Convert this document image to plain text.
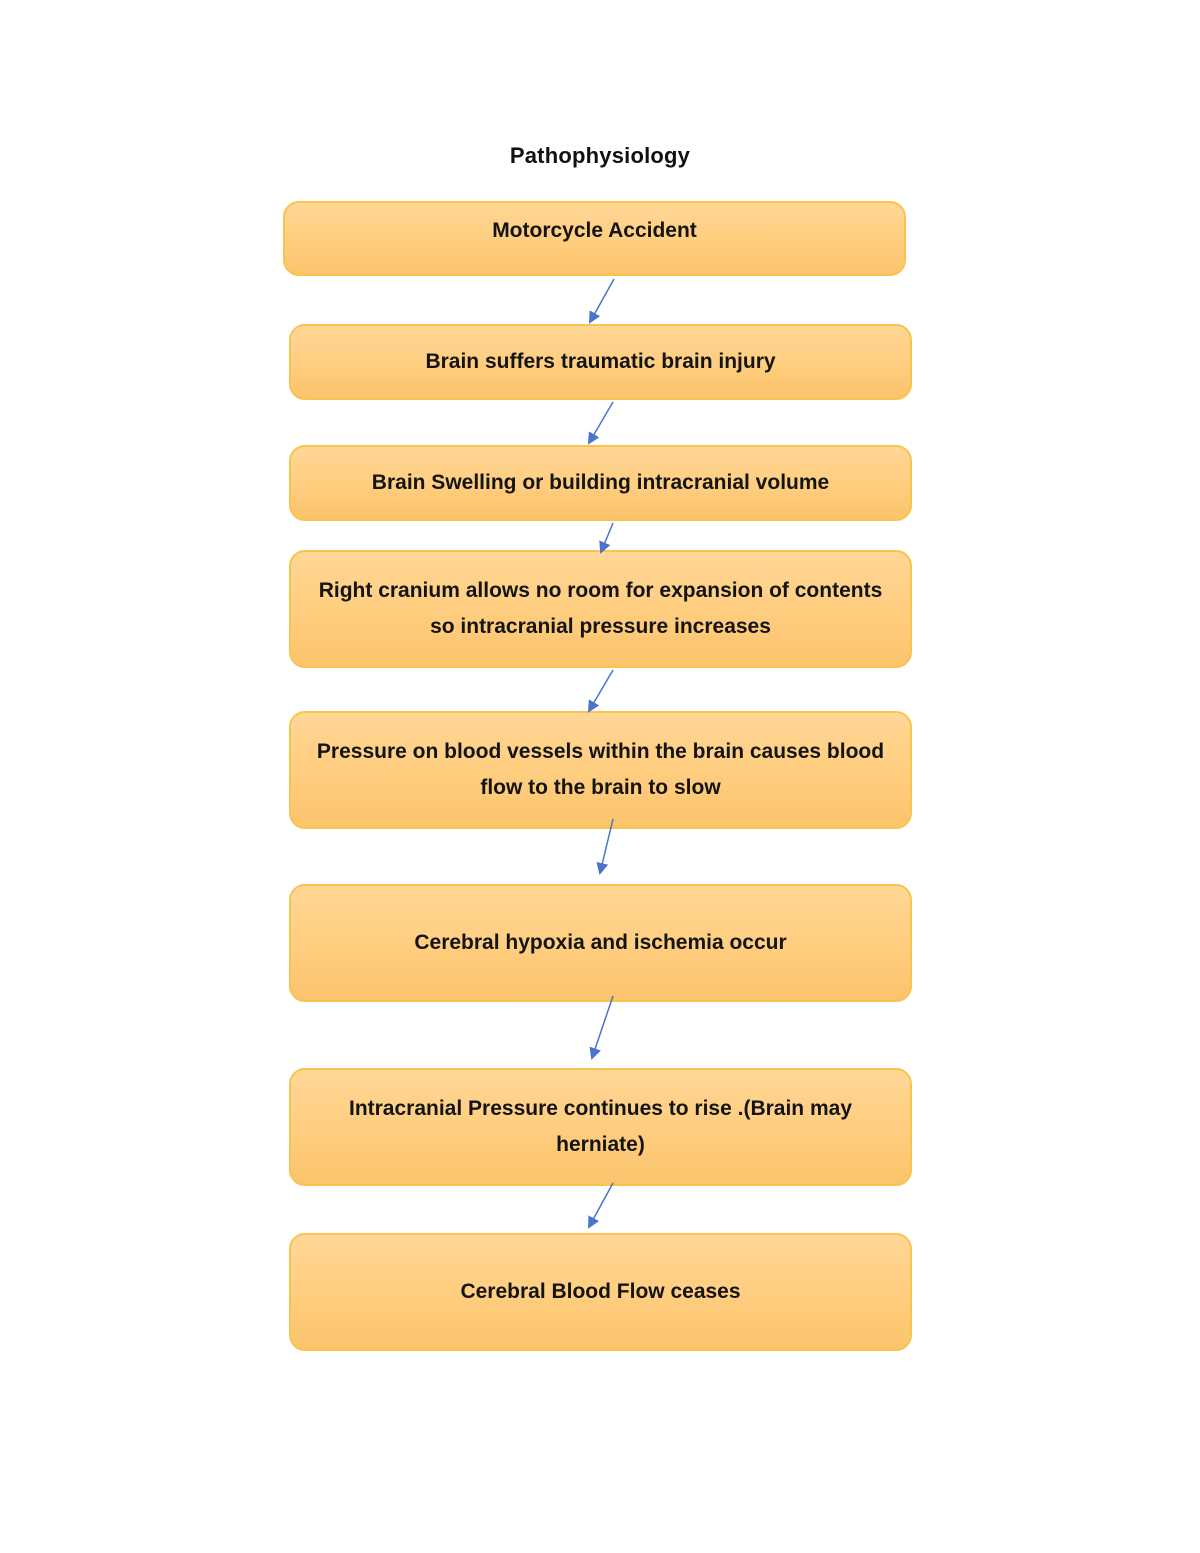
Pathophysiology
Motorcycle Accident
Brain suffers traumatic brain injury
Brain Swelling or building intracranial volume
Right cranium allows no room for expansion of contents so intracranial pressure increases
Pressure on blood vessels within the brain causes blood flow to the brain to slow
Cerebral hypoxia and ischemia occur
Intracranial Pressure continues to rise .(Brain may herniate)
Cerebral Blood Flow ceases
